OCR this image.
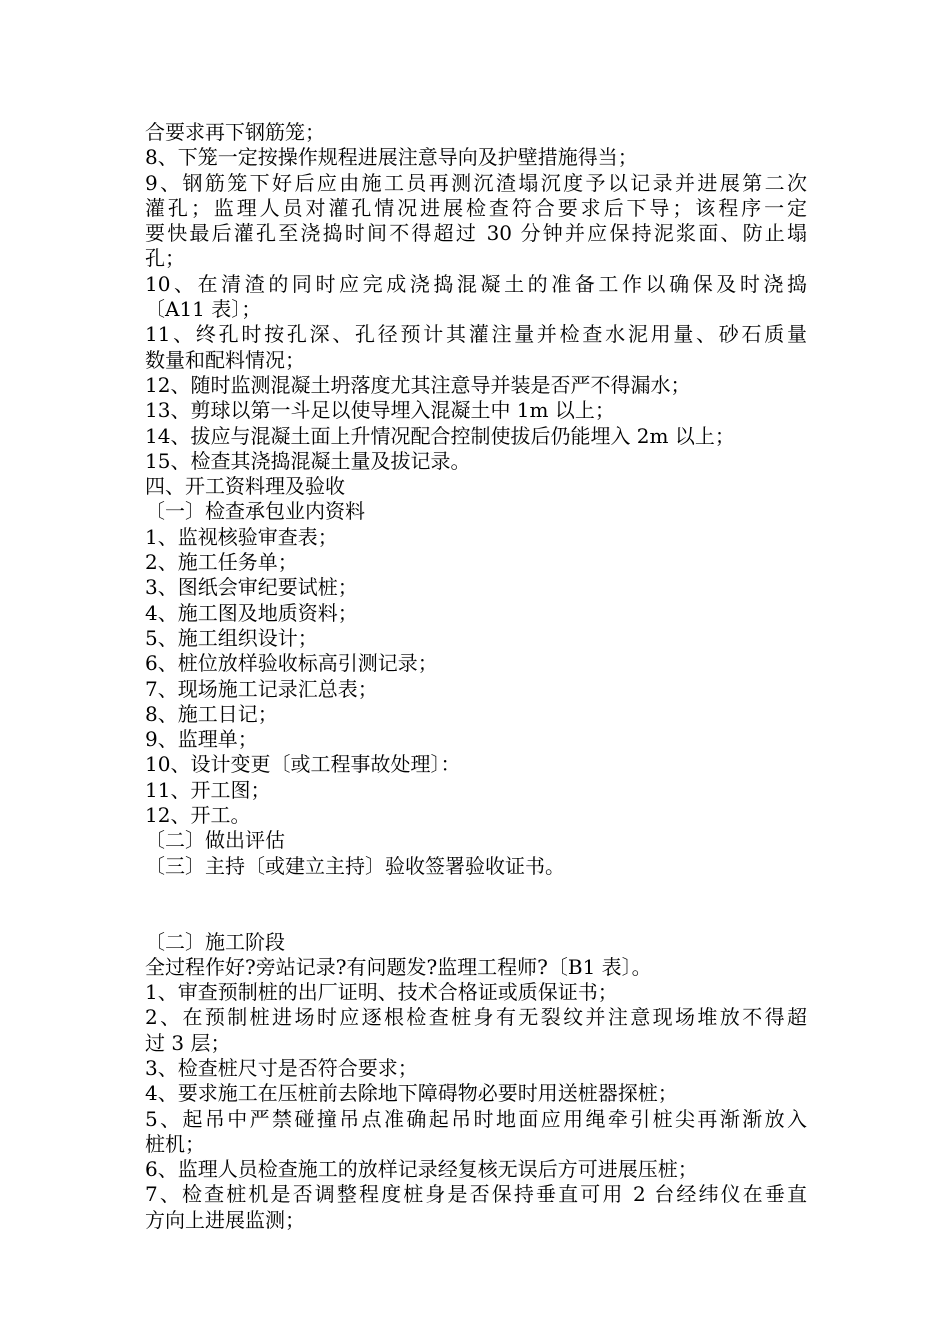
合要求再下钢筋笼；
8、下笼一定按操作规程进展注意导向及护壁措施得当；
9、钢筋笼下好后应由施工员再测沉渣塌沉度予以记录并进展第二次
灌孔；监理人员对灌孔情况进展检查符合要求后下导；该程序一定
要快最后灌孔至浇捣时间不得超过 30 分钟并应保持泥浆面、防止塌
孔；
10、在清渣的同时应完成浇捣混凝土的准备工作以确保及时浇捣
〔A11 表〕；
11、终孔时按孔深、孔径预计其灌注量并检查水泥用量、砂石质量
数量和配料情况；
12、随时监测混凝土坍落度尤其注意导并装是否严不得漏水；
13、剪球以第一斗足以使导埋入混凝土中 1m 以上；
14、拔应与混凝土面上升情况配合控制使拔后仍能埋入 2m 以上；
15、检查其浇捣混凝土量及拔记录。
四、开工资料理及验收
〔一〕检查承包业内资料
1、监视核验审查表；
2、施工任务单；
3、图纸会审纪要试桩；
4、施工图及地质资料；
5、施工组织设计；
6、桩位放样验收标高引测记录；
7、现场施工记录汇总表；
8、施工日记；
9、监理单；
10、设计变更〔或工程事故处理〕：
11、开工图；
12、开工。
〔二〕做出评估
〔三〕主持〔或建立主持〕验收签署验收证书。
〔二〕施工阶段
全过程作好?旁站记录?有问题发?监理工程师?〔B1 表〕。
1、审查预制桩的出厂证明、技术合格证或质保证书；
2、在预制桩进场时应逐根检查桩身有无裂纹并注意现场堆放不得超
过 3 层；
3、检查桩尺寸是否符合要求；
4、要求施工在压桩前去除地下障碍物必要时用送桩器探桩；
5、起吊中严禁碰撞吊点准确起吊时地面应用绳牵引桩尖再渐渐放入
桩机；
6、监理人员检查施工的放样记录经复核无误后方可进展压桩；
7、检查桩机是否调整程度桩身是否保持垂直可用 2 台经纬仪在垂直
方向上进展监测；
